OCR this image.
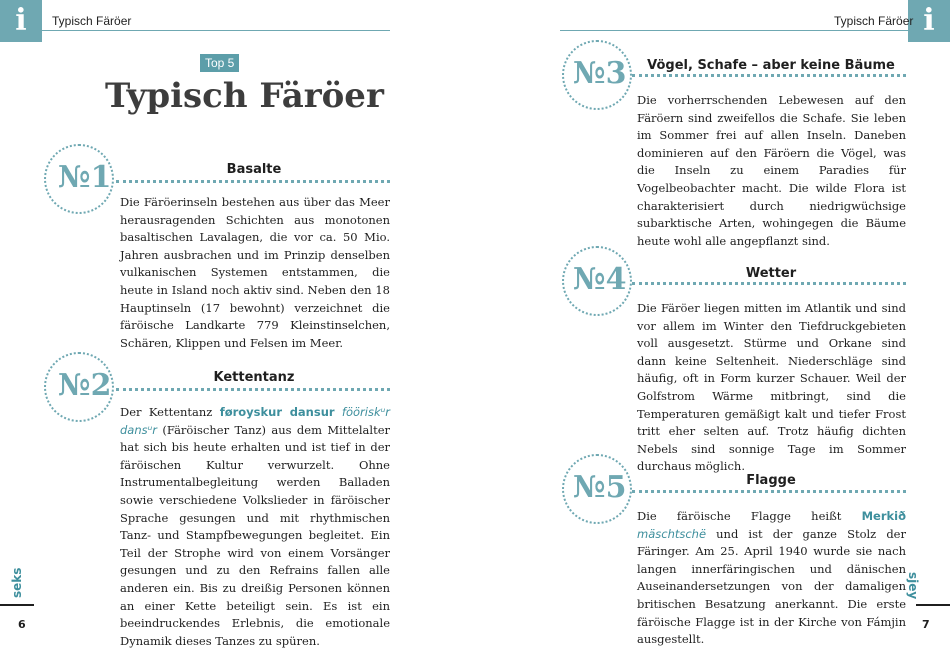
i	Typisch Färöer
Top 5
Typisch Färöer
№1	Basalte
Die Färöerinseln bestehen aus über das Meer herausragenden Schichten aus monotonen basaltischen Lavalagen, die vor ca. 50 Mio. Jahren ausbrachen und im Prinzip denselben vulkanischen Systemen entstammen, die heute in Island noch aktiv sind. Neben den 18 Hauptinseln (17 bewohnt) verzeichnet die färöische Landkarte 779 Kleinstinselchen, Schären, Klippen und Felsen im Meer.
№2	Kettentanz
Der Kettentanz føroyskur dansur fööriskᵘr dansᵘr (Färöischer Tanz) aus dem Mittelalter hat sich bis heute erhalten und ist tief in der färöischen Kultur verwurzelt. Ohne Instrumentalbegleitung werden Balladen sowie verschiedene Volkslieder in färöischer Sprache gesungen und mit rhythmischen Tanz- und Stampfbewegungen begleitet. Ein Teil der Strophe wird von einem Vorsänger gesungen und zu den Refrains fallen alle anderen ein. Bis zu dreißig Personen können an einer Kette beteiligt sein. Es ist ein beeindruckendes Erlebnis, die emotionale Dynamik dieses Tanzes zu spüren.
seks
6
i
Typisch Färöer
№3	Vögel, Schafe – aber keine Bäume
Die vorherrschenden Lebewesen auf den Färöern sind zweifellos die Schafe. Sie leben im Sommer frei auf allen Inseln. Daneben dominieren auf den Färöern die Vögel, was die Inseln zu einem Paradies für Vogelbeobachter macht. Die wilde Flora ist charakterisiert durch niedrigwüchsige subarktische Arten, wohingegen die Bäume heute wohl alle angepflanzt sind.
№4	Wetter
Die Färöer liegen mitten im Atlantik und sind vor allem im Winter den Tiefdruckgebieten voll ausgesetzt. Stürme und Orkane sind dann keine Seltenheit. Niederschläge sind häufig, oft in Form kurzer Schauer. Weil der Golfstrom Wärme mitbringt, sind die Temperaturen gemäßigt kalt und tiefer Frost tritt eher selten auf. Trotz häufig dichten Nebels sind sonnige Tage im Sommer durchaus möglich.
№5	Flagge
Die färöische Flagge heißt Merkið mäschtschë und ist der ganze Stolz der Färinger. Am 25. April 1940 wurde sie nach langen innerfäringischen und dänischen Auseinandersetzungen von der damaligen britischen Besatzung anerkannt. Die erste färöische Flagge ist in der Kirche von Fámjin ausgestellt.
sjey
7
